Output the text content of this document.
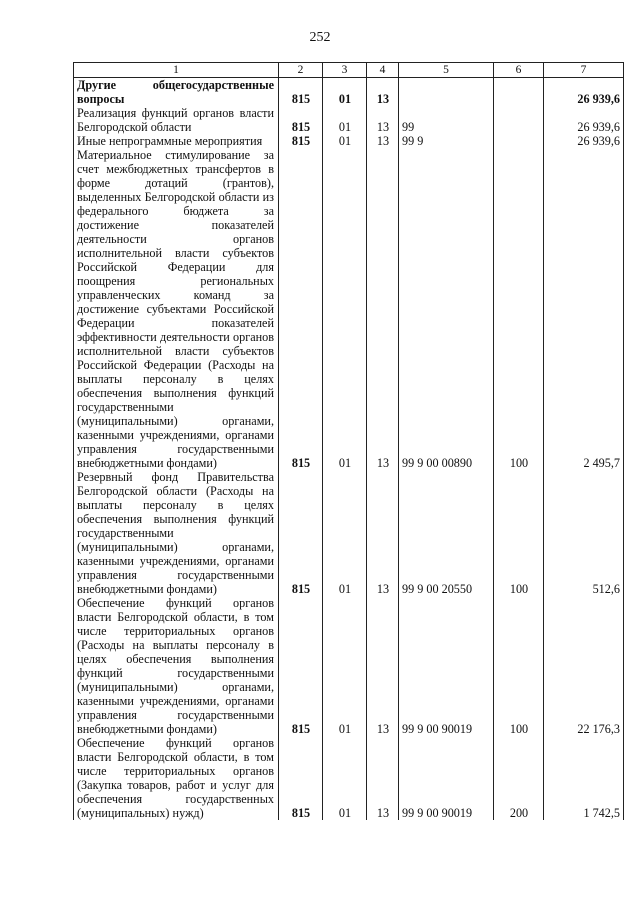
252
1	2	3	4	5	6	7
Другие общегосударственные вопросы	815	01	13			26 939,6
Реализация функций органов власти Белгородской области	815	01	13	99		26 939,6
Иные непрограммные мероприятия	815	01	13	99 9		26 939,6
Материальное стимулирование за счет межбюджетных трансфертов в форме дотаций (грантов), выделенных Белгородской области из федерального бюджета за достижение показателей деятельности органов исполнительной власти субъектов Российской Федерации для поощрения региональных управленческих команд за достижение субъектами Российской Федерации показателей эффективности деятельности органов исполнительной власти субъектов Российской Федерации (Расходы на выплаты персоналу в целях обеспечения выполнения функций государственными (муниципальными) органами, казенными учреждениями, органами управления государственными внебюджетными фондами)	815	01	13	99 9 00 00890	100	2 495,7
Резервный фонд Правительства Белгородской области (Расходы на выплаты персоналу в целях обеспечения выполнения функций государственными (муниципальными) органами, казенными учреждениями, органами управления государственными внебюджетными фондами)	815	01	13	99 9 00 20550	100	512,6
Обеспечение функций органов власти Белгородской области, в том числе территориальных органов (Расходы на выплаты персоналу в целях обеспечения выполнения функций государственными (муниципальными) органами, казенными учреждениями, органами управления государственными внебюджетными фондами)	815	01	13	99 9 00 90019	100	22 176,3
Обеспечение функций органов власти Белгородской области, в том числе территориальных органов (Закупка товаров, работ и услуг для обеспечения государственных (муниципальных) нужд)	815	01	13	99 9 00 90019	200	1 742,5
